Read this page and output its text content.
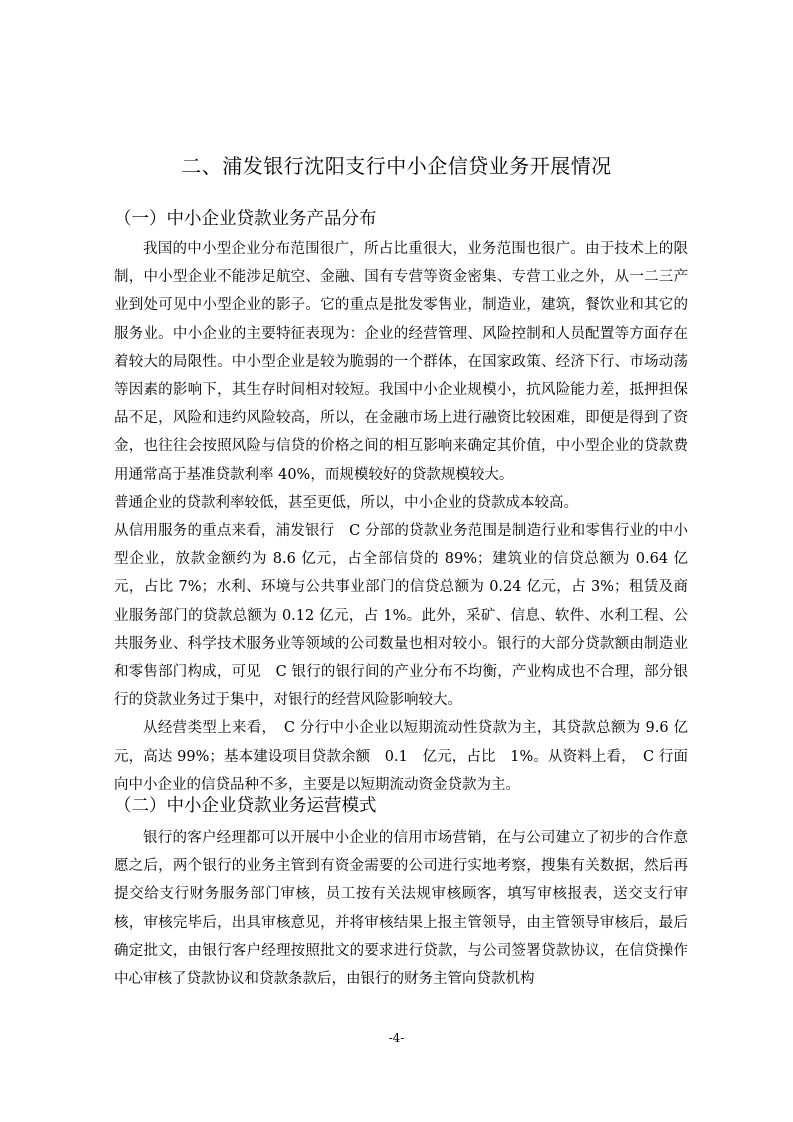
二、浦发银行沈阳支行中小企信贷业务开展情况
（一）中小企业贷款业务产品分布

我国的中小型企业分布范围很广，所占比重很大，业务范围也很广。由于技术上的限制，中小型企业不能涉足航空、金融、国有专营等资金密集、专营工业之外，从一二三产业到处可见中小型企业的影子。它的重点是批发零售业，制造业，建筑，餐饮业和其它的服务业。中小企业的主要特征表现为：企业的经营管理、风险控制和人员配置等方面存在着较大的局限性。中小型企业是较为脆弱的一个群体，在国家政策、经济下行、市场动荡等因素的影响下，其生存时间相对较短。我国中小企业规模小，抗风险能力差，抵押担保品不足，风险和违约风险较高，所以，在金融市场上进行融资比较困难，即便是得到了资金，也往往会按照风险与信贷的价格之间的相互影响来确定其价值，中小型企业的贷款费用通常高于基准贷款利率 40%，而规模较好的贷款规模较大。

普通企业的贷款利率较低，甚至更低，所以，中小企业的贷款成本较高。

从信用服务的重点来看，浦发银行　C 分部的贷款业务范围是制造行业和零售行业的中小型企业，放款金额约为 8.6 亿元，占全部信贷的 89%；建筑业的信贷总额为 0.64 亿元，占比 7%；水利、环境与公共事业部门的信贷总额为 0.24 亿元，占 3%；租赁及商业服务部门的贷款总额为 0.12 亿元，占 1%。此外，采矿、信息、软件、水利工程、公共服务业、科学技术服务业等领域的公司数量也相对较小。银行的大部分贷款额由制造业和零售部门构成，可见　C 银行的银行间的产业分布不均衡，产业构成也不合理，部分银行的贷款业务过于集中，对银行的经营风险影响较大。

从经营类型上来看，　C 分行中小企业以短期流动性贷款为主，其贷款总额为 9.6 亿元，高达 99%；基本建设项目贷款余额　0.1　亿元，占比　1%。从资料上看，　C 行面向中小企业的信贷品种不多，主要是以短期流动资金贷款为主。

（二）中小企业贷款业务运营模式

银行的客户经理都可以开展中小企业的信用市场营销，在与公司建立了初步的合作意愿之后，两个银行的业务主管到有资金需要的公司进行实地考察，搜集有关数据，然后再提交给支行财务服务部门审核，员工按有关法规审核顾客，填写审核报表，送交支行审核，审核完毕后，出具审核意见，并将审核结果上报主管领导，由主管领导审核后，最后确定批文，由银行客户经理按照批文的要求进行贷款，与公司签署贷款协议，在信贷操作中心审核了贷款协议和贷款条款后，由银行的财务主管向贷款机构

-4-
